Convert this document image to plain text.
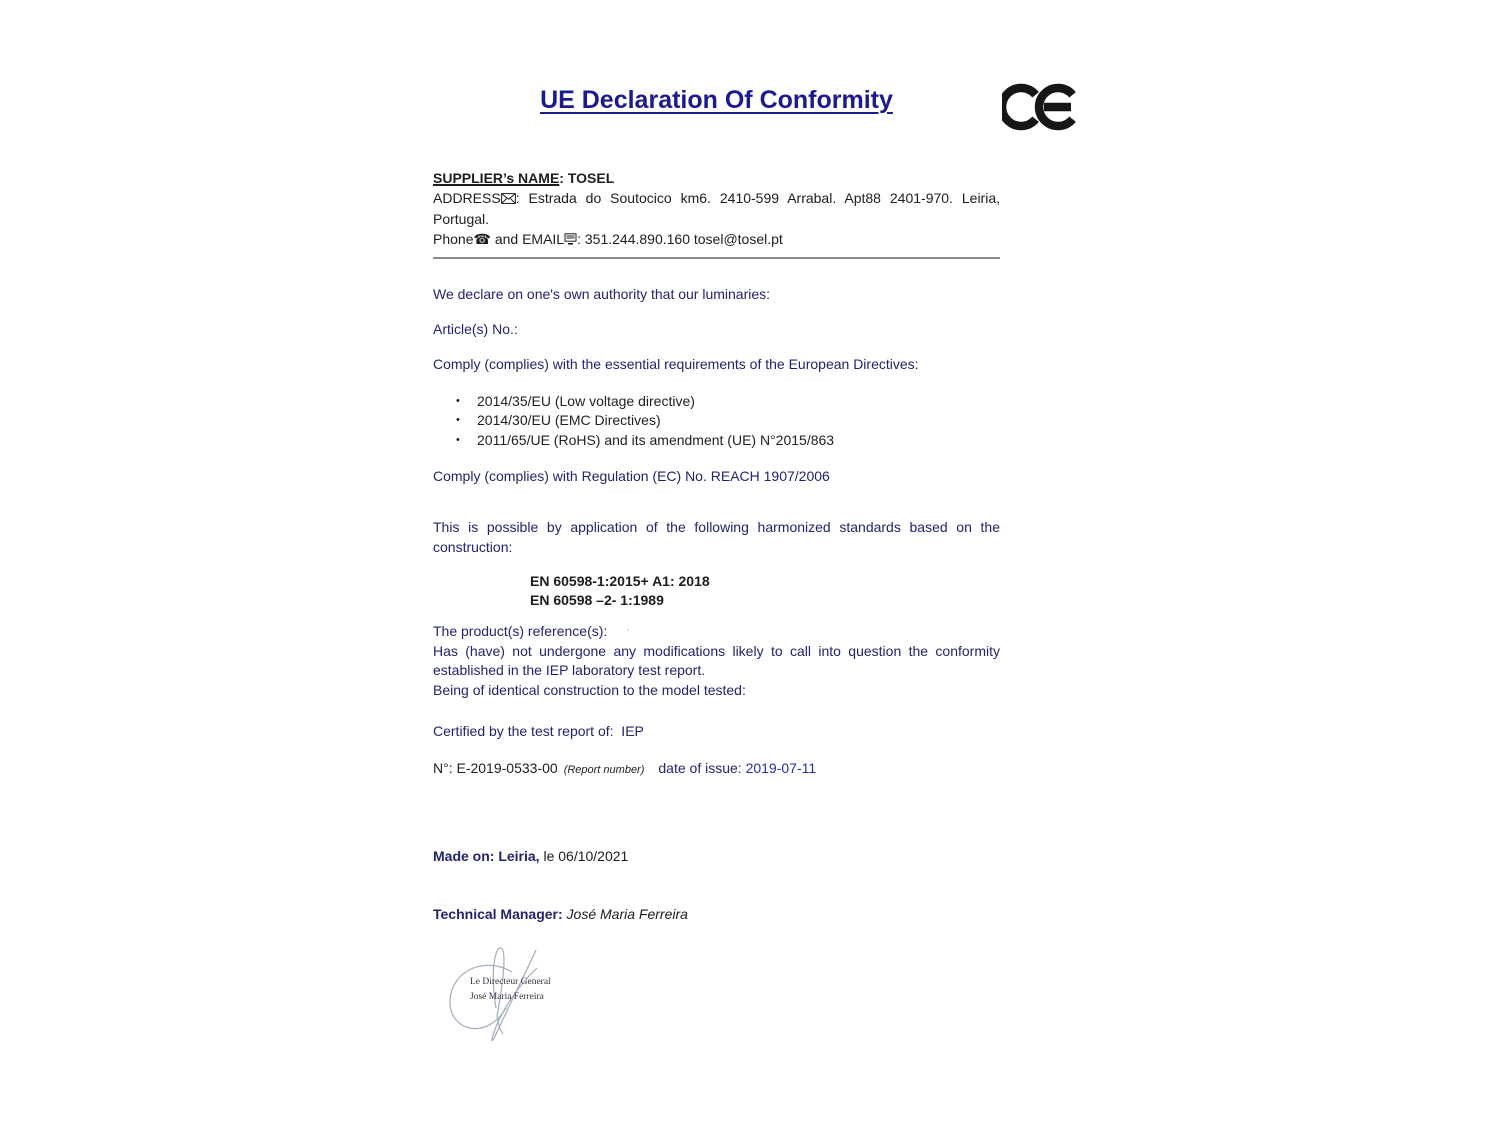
UE Declaration Of Conformity
SUPPLIER’s NAME: TOSEL
ADDRESS : Estrada do Soutocico km6. 2410-599 Arrabal. Apt88 2401-970. Leiria,
Portugal.
Phone☎ and EMAIL : 351.244.890.160 tosel@tosel.pt
We declare on one's own authority that our luminaries:
Article(s) No.:
Comply (complies) with the essential requirements of the European Directives:
•	2014/35/EU (Low voltage directive)
•	2014/30/EU (EMC Directives)
•	2011/65/UE (RoHS) and its amendment (UE) N°2015/863
Comply (complies) with Regulation (EC) No. REACH 1907/2006
This is possible by application of the following harmonized standards based on the
construction:
EN 60598-1:2015+ A1: 2018
EN 60598 –2- 1:1989
The product(s) reference(s):
Has (have) not undergone any modifications likely to call into question the conformity
established in the IEP laboratory test report.
Being of identical construction to the model tested:
Certified by the test report of:  IEP
N°: E-2019-0533-00 (Report number) date of issue: 2019-07-11
Made on: Leiria, le 06/10/2021
Technical Manager: José Maria Ferreira
·
Le Directeur General
José Maria Ferreira
